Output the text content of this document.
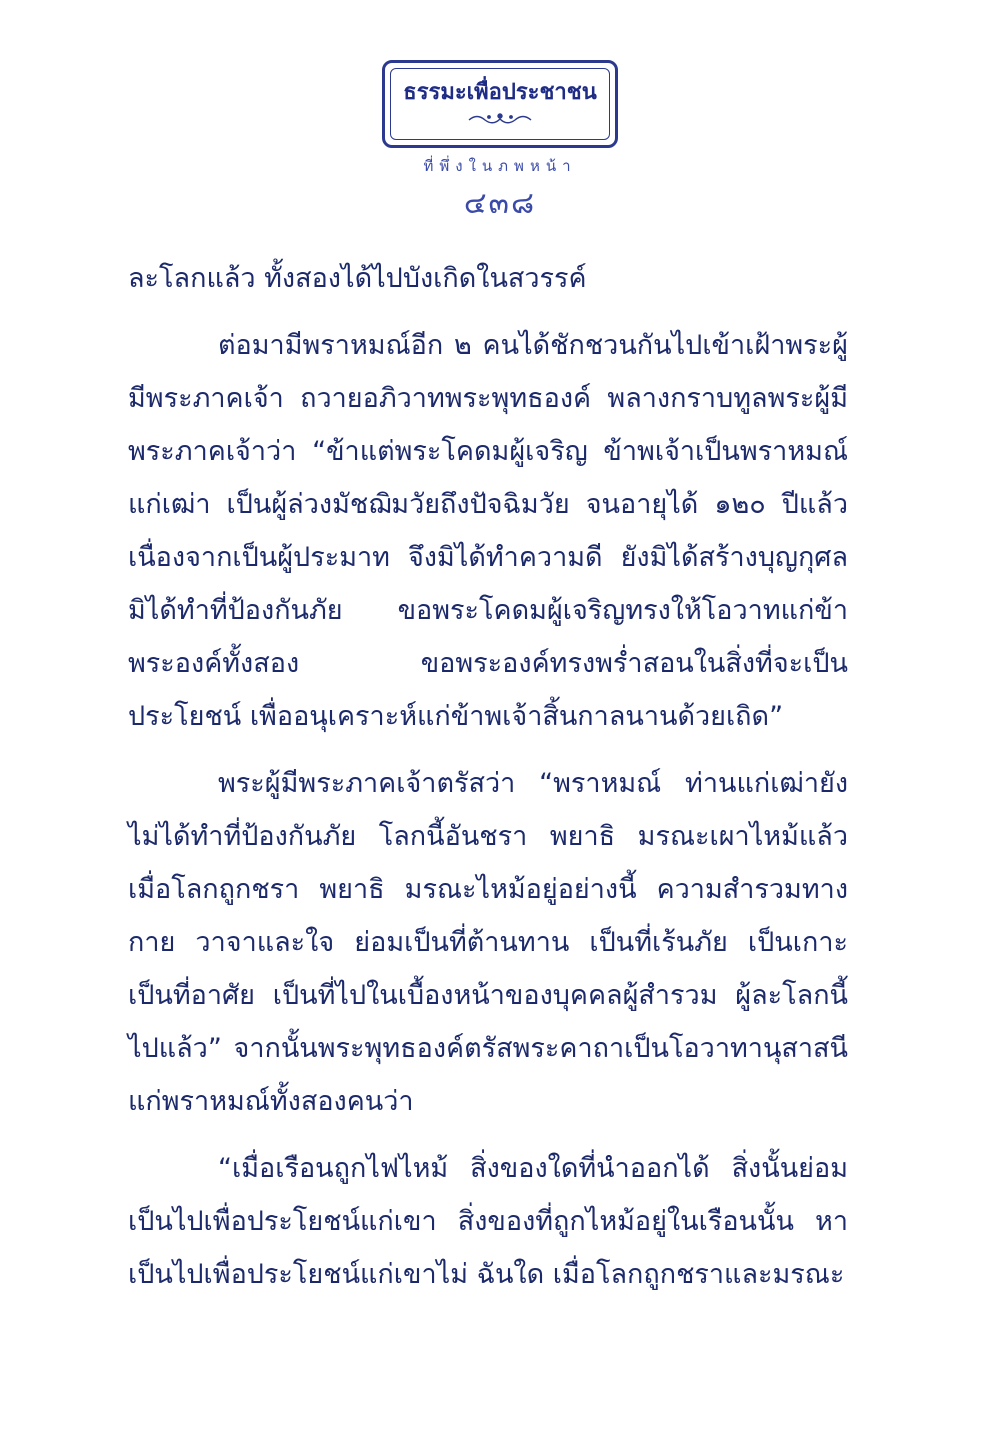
ธรรมะเพื่อประชาชน
ที่พึ่งในภพหน้า
๔๓๘

ละโลกแล้ว ทั้งสองได้ไปบังเกิดในสวรรค์

ต่อมามีพราหมณ์อีก ๒ คนได้ชักชวนกันไปเข้าเฝ้าพระผู้มีพระภาคเจ้า ถวายอภิวาทพระพุทธองค์ พลางกราบทูลพระผู้มีพระภาคเจ้าว่า “ข้าแต่พระโคดมผู้เจริญ ข้าพเจ้าเป็นพราหมณ์แก่เฒ่า เป็นผู้ล่วงมัชฌิมวัยถึงปัจฉิมวัย จนอายุได้ ๑๒๐ ปีแล้ว เนื่องจากเป็นผู้ประมาท จึงมิได้ทำความดี ยังมิได้สร้างบุญกุศล มิได้ทำที่ป้องกันภัย ขอพระโคดมผู้เจริญทรงให้โอวาทแก่ข้าพระองค์ทั้งสอง ขอพระองค์ทรงพร่ำสอนในสิ่งที่จะเป็นประโยชน์ เพื่ออนุเคราะห์แก่ข้าพเจ้าสิ้นกาลนานด้วยเถิด”

พระผู้มีพระภาคเจ้าตรัสว่า “พราหมณ์ ท่านแก่เฒ่ายังไม่ได้ทำที่ป้องกันภัย โลกนี้อันชรา พยาธิ มรณะเผาไหม้แล้ว เมื่อโลกถูกชรา พยาธิ มรณะไหม้อยู่อย่างนี้ ความสำรวมทางกาย วาจาและใจ ย่อมเป็นที่ต้านทาน เป็นที่เร้นภัย เป็นเกาะ เป็นที่อาศัย เป็นที่ไปในเบื้องหน้าของบุคคลผู้สำรวม ผู้ละโลกนี้ไปแล้ว” จากนั้นพระพุทธองค์ตรัสพระคาถาเป็นโอวาทานุสาสนีแก่พราหมณ์ทั้งสองคนว่า

“เมื่อเรือนถูกไฟไหม้ สิ่งของใดที่นำออกได้ สิ่งนั้นย่อมเป็นไปเพื่อประโยชน์แก่เขา สิ่งของที่ถูกไหม้อยู่ในเรือนนั้น หาเป็นไปเพื่อประโยชน์แก่เขาไม่ ฉันใด เมื่อโลกถูกชราและมรณะ
